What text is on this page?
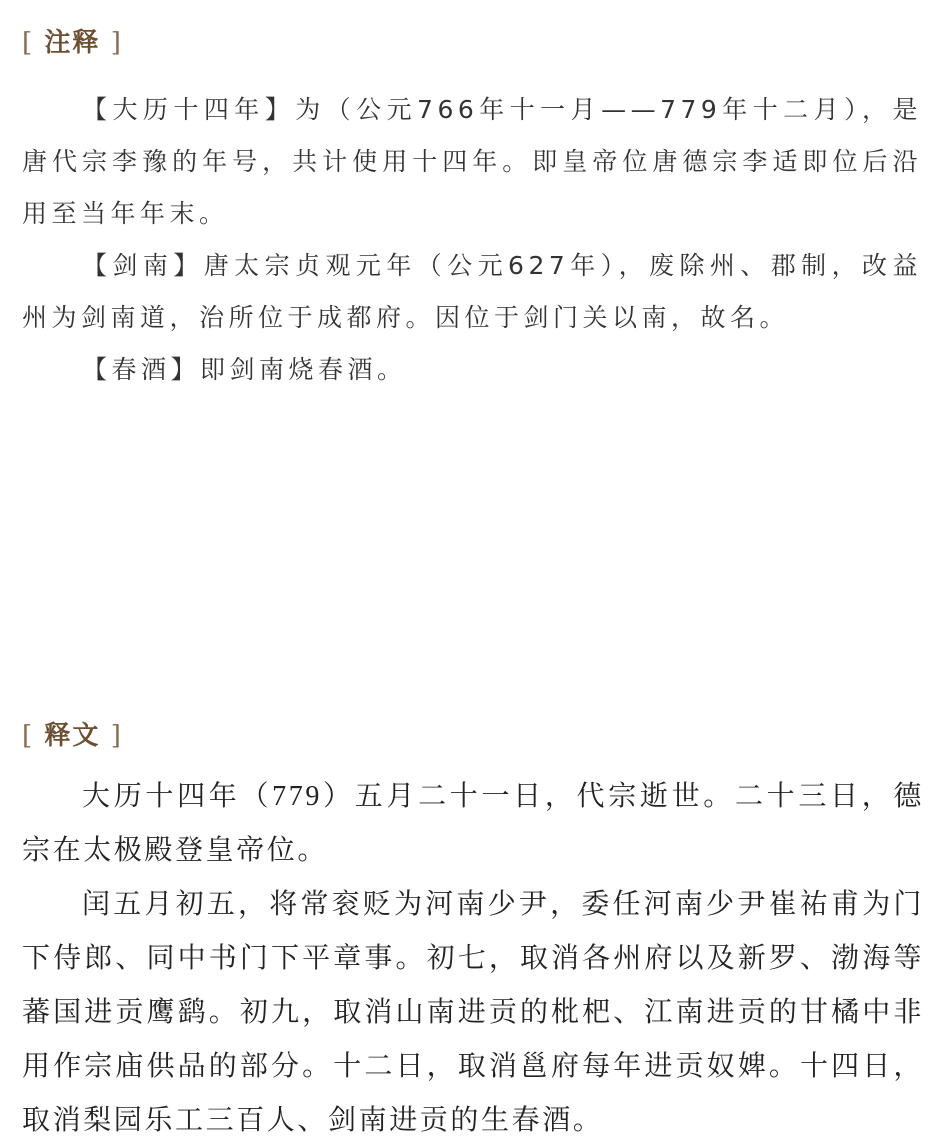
[ 注释 ]

【大历十四年】为（公元766年十一月——779年十二月），是唐代宗李豫的年号，共计使用十四年。即皇帝位唐德宗李适即位后沿用至当年年末。

【剑南】唐太宗贞观元年（公元627年），废除州、郡制，改益州为剑南道，治所位于成都府。因位于剑门关以南，故名。

【春酒】即剑南烧春酒。

[ 释文 ]

大历十四年（779）五月二十一日，代宗逝世。二十三日，德宗在太极殿登皇帝位。

闰五月初五，将常衮贬为河南少尹，委任河南少尹崔祐甫为门下侍郎、同中书门下平章事。初七，取消各州府以及新罗、渤海等蕃国进贡鹰鹞。初九，取消山南进贡的枇杷、江南进贡的甘橘中非用作宗庙供品的部分。十二日，取消邕府每年进贡奴婢。十四日，取消梨园乐工三百人、剑南进贡的生春酒。
